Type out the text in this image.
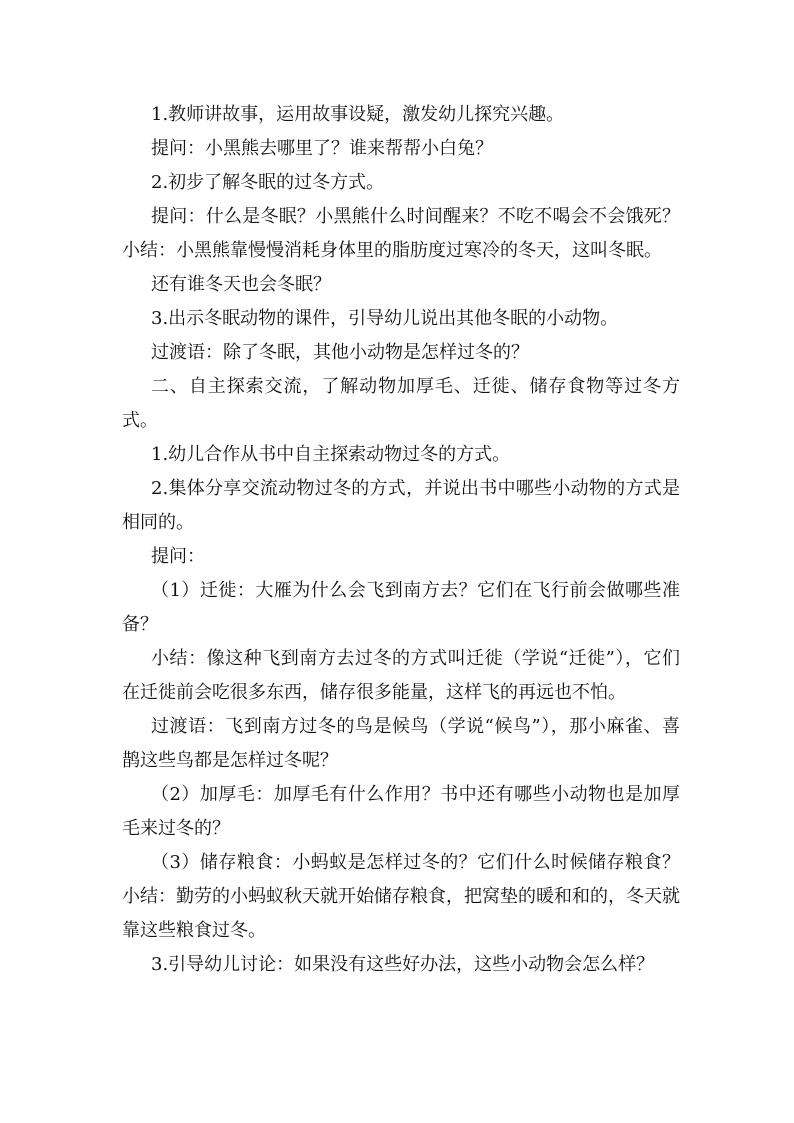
1.教师讲故事，运用故事设疑，激发幼儿探究兴趣。

提问：小黑熊去哪里了？谁来帮帮小白兔？

2.初步了解冬眠的过冬方式。

提问：什么是冬眠？小黑熊什么时间醒来？不吃不喝会不会饿死？小结：小黑熊靠慢慢消耗身体里的脂肪度过寒冷的冬天，这叫冬眠。

还有谁冬天也会冬眠？

3.出示冬眠动物的课件，引导幼儿说出其他冬眠的小动物。

过渡语：除了冬眠，其他小动物是怎样过冬的？

二、自主探索交流，了解动物加厚毛、迁徙、储存食物等过冬方式。

1.幼儿合作从书中自主探索动物过冬的方式。

2.集体分享交流动物过冬的方式，并说出书中哪些小动物的方式是相同的。

提问：

（1）迁徙：大雁为什么会飞到南方去？它们在飞行前会做哪些准备？

小结：像这种飞到南方去过冬的方式叫迁徙（学说“迁徙”），它们在迁徙前会吃很多东西，储存很多能量，这样飞的再远也不怕。

过渡语：飞到南方过冬的鸟是候鸟（学说“候鸟”），那小麻雀、喜鹊这些鸟都是怎样过冬呢？

（2）加厚毛：加厚毛有什么作用？书中还有哪些小动物也是加厚毛来过冬的？

（3）储存粮食：小蚂蚁是怎样过冬的？它们什么时候储存粮食？小结：勤劳的小蚂蚁秋天就开始储存粮食，把窝垫的暖和和的，冬天就靠这些粮食过冬。

3.引导幼儿讨论：如果没有这些好办法，这些小动物会怎么样？
